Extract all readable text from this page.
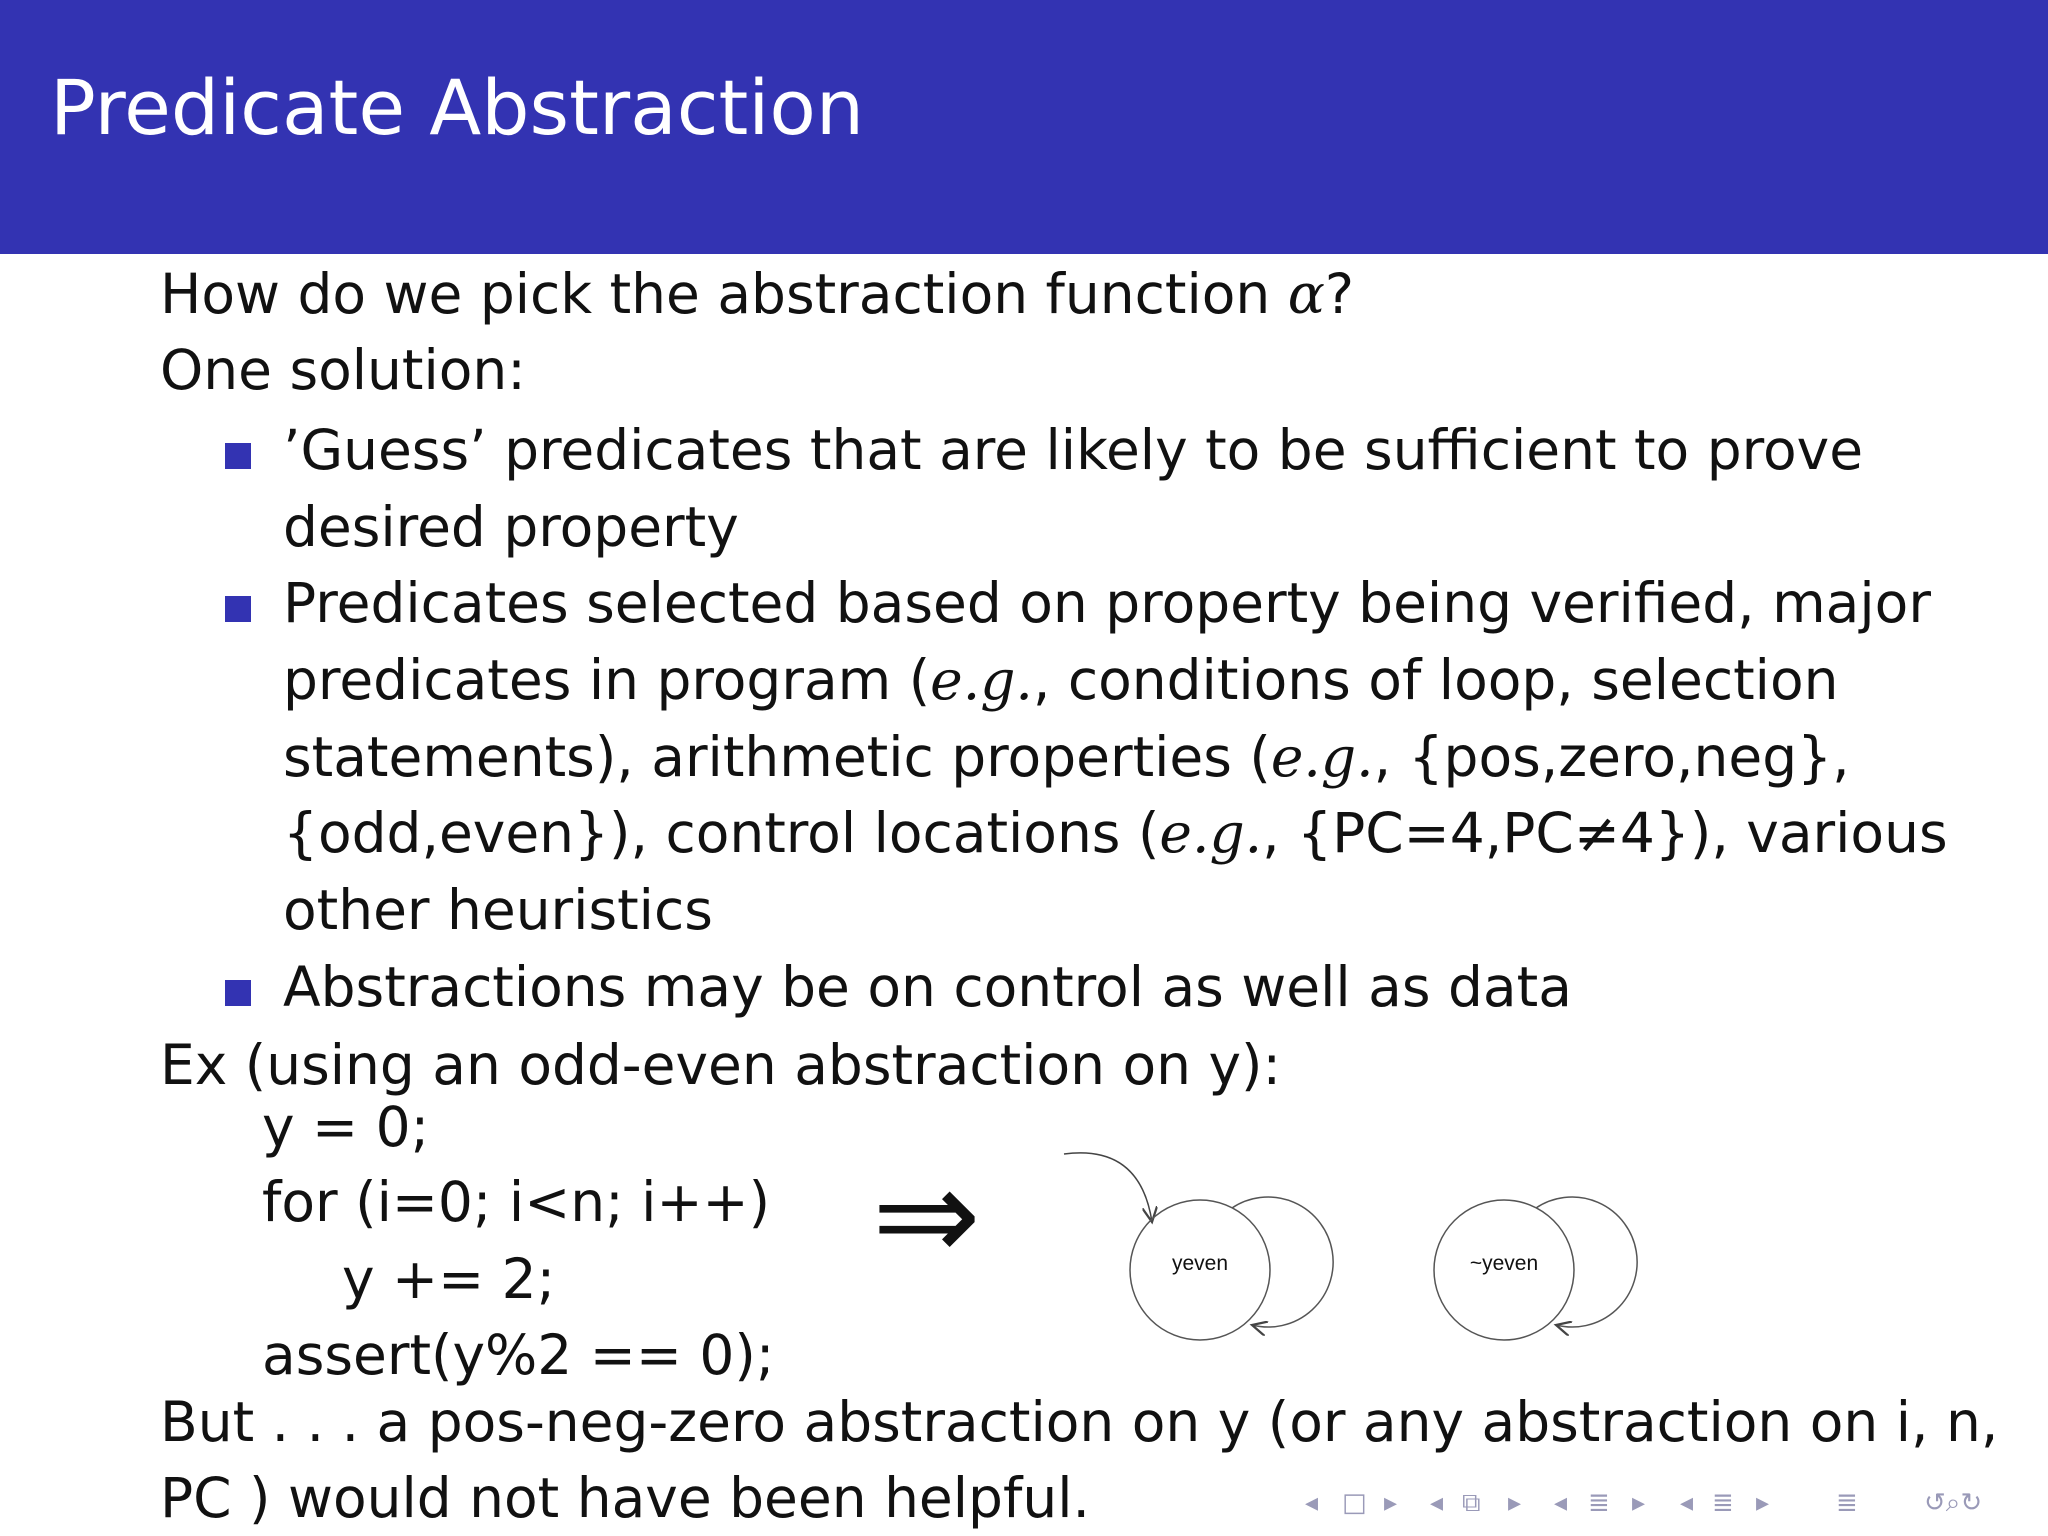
Predicate Abstraction
How do we pick the abstraction function α?
One solution:
’Guess’ predicates that are likely to be sufficient to prove
desired property
Predicates selected based on property being verified, major
predicates in program (e.g., conditions of loop, selection
statements), arithmetic properties (e.g., {pos,zero,neg},
{odd,even}), control locations (e.g., {PC=4,PC≠4}), various
other heuristics
Abstractions may be on control as well as data
Ex (using an odd-even abstraction on y):
y = 0;
for (i=0; i<n; i++)
y += 2;
assert(y%2 == 0);
⇒	yeven	~yeven
But . . . a pos-neg-zero abstraction on y (or any abstraction on i, n,
PC ) would not have been helpful.	◂ □ ▸ ◂ ⧉ ▸ ◂ ≣ ▸ ◂ ≣ ▸	≣	↺⌕↻
